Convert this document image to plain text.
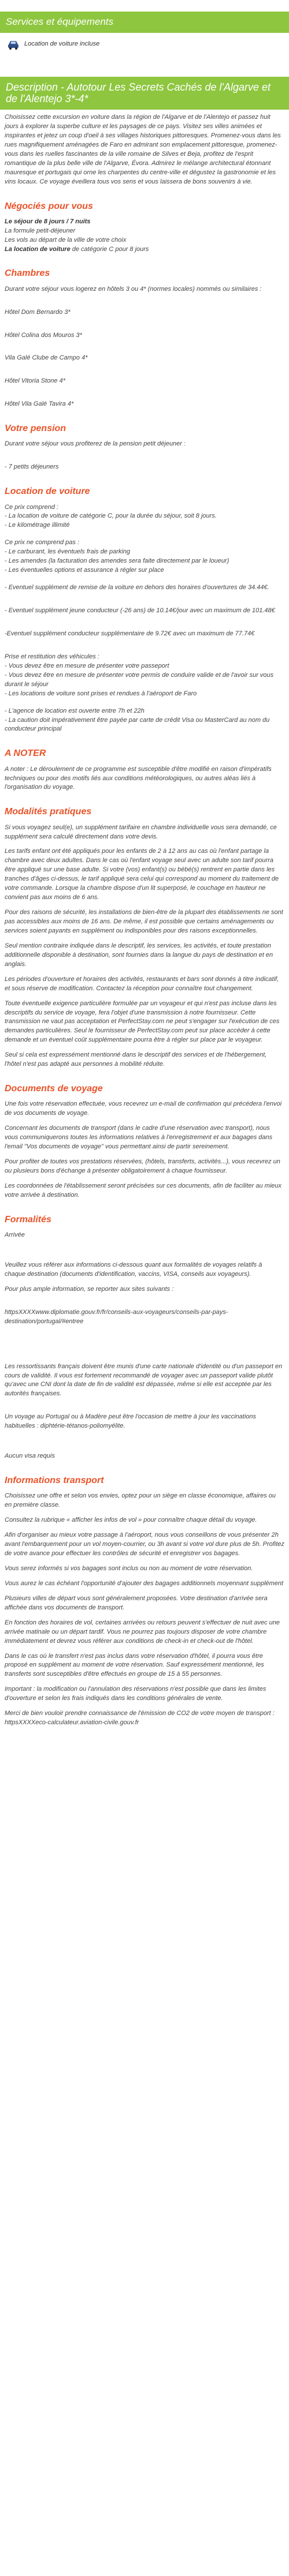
Services et équipements
Location de voiture incluse
Description - Autotour Les Secrets Cachés de l'Algarve et de l'Alentejo 3*-4*

Choisissez cette excursion en voiture dans la région de l'Algarve et de l'Alentejo et passez huit jours à explorer la superbe culture et les paysages de ce pays. Visitez ses villes animées et inspirantes et jetez un coup d'oeil à ses villages historiques pittoresques. Promenez-vous dans les rues magnifiquement aménagées de Faro en admirant son emplacement pittoresque, promenez-vous dans les ruelles fascinantes de la ville romaine de Silves et Beja, profitez de l'esprit romantique de la plus belle ville de l'Algarve, Évora. Admirez le mélange architectural étonnant mauresque et portugais qui orne les charpentes du centre-ville et dégustez la gastronomie et les vins locaux. Ce voyage éveillera tous vos sens et vous laissera de bons souvenirs à vie.

Négociés pour vous
Le séjour de 8 jours / 7 nuits
La formule petit-déjeuner
Les vols au départ de la ville de votre choix
La location de voiture de catégorie C pour 8 jours
Chambres

Durant votre séjour vous logerez en hôtels 3 ou 4* (normes locales) nommés ou similaires :

Hôtel Dom Bernardo 3*

Hôtel Colina dos Mouros 3*

Vila Galé Clube de Campo 4*

Hôtel Vitoria Stone 4*

Hôtel Vila Galé Tavira 4*

Votre pension

Durant votre séjour vous profiterez de la pension petit déjeuner :

- 7 petits déjeuners

Location de voiture
Ce prix comprend :
- La location de voiture de catégorie C, pour la durée du séjour, soit 8 jours.
- Le kilométrage illimité
Ce prix ne comprend pas :
- Le carburant, les éventuels frais de parking
- Les amendes (la facturation des amendes sera faite directement par le loueur)
- Les éventuelles options et assurance à régler sur place

- Eventuel supplément de remise de la voiture en dehors des horaires d'ouvertures de 34.44€.

- Eventuel supplément jeune conducteur (-26 ans) de 10.14€/jour avec un maximum de 101.48€

-Eventuel supplément conducteur supplémentaire de 9.72€ avec un maximum de 77.74€

Prise et restitution des véhicules :
- Vous devez être en mesure de présenter votre passeport
- Vous devez être en mesure de présenter votre permis de conduire valide et de l'avoir sur vous durant le séjour
- Les locations de voiture sont prises et rendues à l'aéroport de Faro
- L'agence de location est ouverte entre 7h et 22h
- La caution doit impérativement être payée par carte de crédit Visa ou MasterCard au nom du conducteur principal
A NOTER

A noter : Le déroulement de ce programme est susceptible d'être modifié en raison d'impératifs techniques ou pour des motifs liés aux conditions météorologiques, ou autres aléas liés à l'organisation du voyage.

Modalités pratiques

Si vous voyagez seul(e), un supplément tarifaire en chambre individuelle vous sera demandé, ce supplément sera calculé directement dans votre devis.

Les tarifs enfant ont été appliqués pour les enfants de 2 à 12 ans au cas où l'enfant partage la chambre avec deux adultes. Dans le cas où l'enfant voyage seul avec un adulte son tarif pourra être appliqué sur une base adulte. Si votre (vos) enfant(s) ou bébé(s) rentrent en partie dans les tranches d'âges ci-dessus, le tarif appliqué sera celui qui correspond au moment du traitement de votre commande. Lorsque la chambre dispose d'un lit superposé, le couchage en hauteur ne convient pas aux moins de 6 ans.

Pour des raisons de sécurité, les installations de bien-être de la plupart des établissements ne sont pas accessibles aux moins de 16 ans. De même, il est possible que certains aménagements ou services soient payants en supplément ou indisponibles pour des raisons exceptionnelles.

Seul mention contraire indiquée dans le descriptif, les services, les activités, et toute prestation additionnelle disponible à destination, sont fournies dans la langue du pays de destination et en anglais.

Les périodes d'ouverture et horaires des activités, restaurants et bars sont donnés à titre indicatif, et sous réserve de modification. Contactez la réception pour connaître tout changement.

Toute éventuelle exigence particulière formulée par un voyageur et qui n'est pas incluse dans les descriptifs du service de voyage, fera l'objet d'une transmission à notre fournisseur. Cette transmission ne vaut pas acceptation et PerfectStay.com ne peut s'engager sur l'exécution de ces demandes particulières. Seul le fournisseur de PerfectStay.com peut sur place accéder à cette demande et un éventuel coût supplémentaire pourra être à régler sur place par le voyageur.

Seul si cela est expressément mentionné dans le descriptif des services et de l'hébergement, l'hôtel n'est pas adapté aux personnes à mobilité réduite.

Documents de voyage

Une fois votre réservation effectuée, vous recevrez un e-mail de confirmation qui précédera l'envoi de vos documents de voyage.

Concernant les documents de transport (dans le cadre d'une réservation avec transport), nous vous communiquerons toutes les informations relatives à l'enregistrement et aux bagages dans l'email "Vos documents de voyage" vous permettant ainsi de partir sereinement.

Pour profiter de toutes vos prestations réservées, (hôtels, transferts, activités...), vous recevrez un ou plusieurs bons d'échange à présenter obligatoirement à chaque fournisseur.

Les coordonnées de l'établissement seront précisées sur ces documents, afin de faciliter au mieux votre arrivée à destination.

Formalités

Arrivée

Veuillez vous référer aux informations ci-dessous quant aux formalités de voyages relatifs à chaque destination (documents d'identification, vaccins, VISA, conseils aux voyageurs).

Pour plus ample information, se reporter aux sites suivants :

httpsXXXXwww.diplomatie.gouv.fr/fr/conseils-aux-voyageurs/conseils-par-pays-destination/portugal/#entree

Les ressortissants français doivent être munis d'une carte nationale d'identité ou d'un passeport en cours de validité. Il vous est fortement recommandé de voyager avec un passeport valide plutôt qu'avec une CNI dont la date de fin de validité est dépassée, même si elle est acceptée par les autorités françaises.

Un voyage au Portugal ou à Madère peut être l'occasion de mettre à jour les vaccinations habituelles : diphtérie-tétanos-poliomyélite.

Aucun visa requis

Informations transport

Choisissez une offre et selon vos envies, optez pour un siège en classe économique, affaires ou en première classe.

Consultez la rubrique « afficher les infos de vol » pour connaître chaque détail du voyage.

Afin d'organiser au mieux votre passage à l'aéroport, nous vous conseillons de vous présenter 2h avant l'embarquement pour un vol moyen-courrier, ou 3h avant si votre vol dure plus de 5h. Profitez de votre avance pour effectuer les contrôles de sécurité et enregistrer vos bagages.

Vous serez informés si vos bagages sont inclus ou non au moment de votre réservation.

Vous aurez le cas échéant l'opportunité d'ajouter des bagages additionnels moyennant supplément

Plusieurs villes de départ vous sont généralement proposées. Votre destination d'arrivée sera affichée dans vos documents de transport.

En fonction des horaires de vol, certaines arrivées ou retours peuvent s'effectuer de nuit avec une arrivée matinale ou un départ tardif. Vous ne pourrez pas toujours disposer de votre chambre immédiatement et devrez vous référer aux conditions de check-in et check-out de l'hôtel.

Dans le cas où le transfert n'est pas inclus dans votre réservation d'hôtel, il pourra vous être proposé en supplément au moment de votre réservation. Sauf expressément mentionné, les transferts sont susceptibles d'être effectués en groupe de 15 à 55 personnes.

Important : la modification ou l'annulation des réservations n'est possible que dans les limites d'ouverture et selon les frais indiqués dans les conditions générales de vente.

Merci de bien vouloir prendre connaissance de l'émission de CO2 de votre moyen de transport : httpsXXXXeco-calculateur.aviation-civile.gouv.fr
